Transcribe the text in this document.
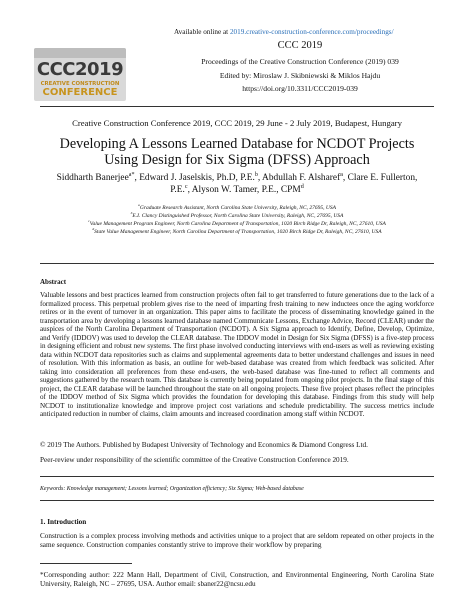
Available online at 2019.creative-construction-conference.com/proceedings/
CCC2019
CREATIVE CONSTRUCTION
CONFERENCE
CCC 2019
Proceedings of the Creative Construction Conference (2019) 039
Edited by: Miroslaw J. Skibniewski & Miklos Hajdu
https://doi.org/10.3311/CCC2019-039
Creative Construction Conference 2019, CCC 2019, 29 June - 2 July 2019, Budapest, Hungary
Developing A Lessons Learned Database for NCDOT Projects
Using Design for Six Sigma (DFSS) Approach
Siddharth Banerjee$^{a*}$, Edward J. Jaselskis, Ph.D, P.E.$^b$, Abdullah F. Alsharef$^a$, Clare E. Fullerton,
P.E.$^c$, Alyson W. Tamer, P.E., CPM$^d$
$^a$Graduate Research Assistant, North Carolina State University, Raleigh, NC, 27695, USA
$^b$E.I. Clancy Distinguished Professor, North Carolina State University, Raleigh, NC, 27695, USA
$^c$Value Management Program Engineer, North Carolina Department of Transportation, 1020 Birch Ridge Dr, Raleigh, NC, 27610, USA
$^d$State Value Management Engineer, North Carolina Department of Transportation, 1020 Birch Ridge Dr, Raleigh, NC, 27610, USA
Abstract
Valuable lessons and best practices learned from construction projects often fail to get transferred to future generations due to the lack of a formalized process. This perpetual problem gives rise to the need of imparting fresh training to new inductees once the aging workforce retires or in the event of turnover in an organization. This paper aims to facilitate the process of disseminating knowledge gained in the transportation area by developing a lessons learned database named Communicate Lessons, Exchange Advice, Record (CLEAR) under the auspices of the North Carolina Department of Transportation (NCDOT). A Six Sigma approach to Identify, Define, Develop, Optimize, and Verify (IDDOV) was used to develop the CLEAR database. The IDDOV model in Design for Six Sigma (DFSS) is a five-step process in designing efficient and robust new systems. The first phase involved conducting interviews with end-users as well as reviewing existing data within NCDOT data repositories such as claims and supplemental agreements data to better understand challenges and issues in need of resolution. With this information as basis, an outline for web-based database was created from which feedback was solicited. After taking into consideration all preferences from these end-users, the web-based database was fine-tuned to reflect all comments and suggestions gathered by the research team. This database is currently being populated from ongoing pilot projects. In the final stage of this project, the CLEAR database will be launched throughout the state on all ongoing projects. These five project phases reflect the principles of the IDDOV method of Six Sigma which provides the foundation for developing this database. Findings from this study will help NCDOT to institutionalize knowledge and improve project cost variations and schedule predictability. The success metrics include anticipated reduction in number of claims, claim amounts and increased coordination among staff within NCDOT.
© 2019 The Authors. Published by Budapest University of Technology and Economics & Diamond Congress Ltd.
Peer-review under responsibility of the scientific committee of the Creative Construction Conference 2019.
Keywords: Knowledge management; Lessons learned; Organization efficiency; Six Sigma; Web-based database
1. Introduction
Construction is a complex process involving methods and activities unique to a project that are seldom repeated on other projects in the same sequence. Construction companies constantly strive to improve their workflow by preparing
*Corresponding author: 222 Mann Hall, Department of Civil, Construction, and Environmental Engineering, North Carolina State University, Raleigh, NC – 27695, USA. Author email: sbaner22@ncsu.edu
